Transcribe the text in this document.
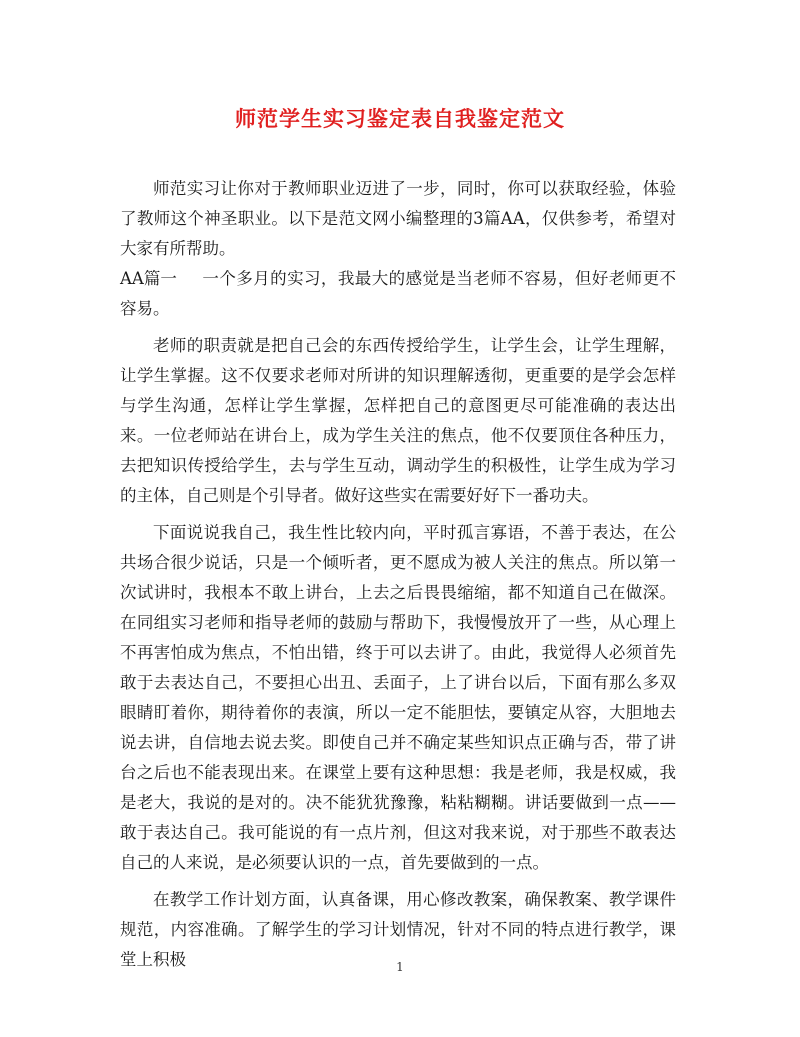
师范学生实习鉴定表自我鉴定范文

师范实习让你对于教师职业迈进了一步，同时，你可以获取经验，体验了教师这个神圣职业。以下是范文网小编整理的3篇AA，仅供参考，希望对大家有所帮助。

AA篇一 一个多月的实习，我最大的感觉是当老师不容易，但好老师更不容易。

老师的职责就是把自己会的东西传授给学生，让学生会，让学生理解，让学生掌握。这不仅要求老师对所讲的知识理解透彻，更重要的是学会怎样与学生沟通，怎样让学生掌握，怎样把自己的意图更尽可能准确的表达出来。一位老师站在讲台上，成为学生关注的焦点，他不仅要顶住各种压力，去把知识传授给学生，去与学生互动，调动学生的积极性，让学生成为学习的主体，自己则是个引导者。做好这些实在需要好好下一番功夫。

下面说说我自己，我生性比较内向，平时孤言寡语，不善于表达，在公共场合很少说话，只是一个倾听者，更不愿成为被人关注的焦点。所以第一次试讲时，我根本不敢上讲台，上去之后畏畏缩缩，都不知道自己在做深。在同组实习老师和指导老师的鼓励与帮助下，我慢慢放开了一些，从心理上不再害怕成为焦点，不怕出错，终于可以去讲了。由此，我觉得人必须首先敢于去表达自己，不要担心出丑、丢面子，上了讲台以后，下面有那么多双眼睛盯着你，期待着你的表演，所以一定不能胆怯，要镇定从容，大胆地去说去讲，自信地去说去奖。即使自己并不确定某些知识点正确与否，带了讲台之后也不能表现出来。在课堂上要有这种思想：我是老师，我是权威，我是老大，我说的是对的。决不能犹犹豫豫，粘粘糊糊。讲话要做到一点——敢于表达自己。我可能说的有一点片剂，但这对我来说，对于那些不敢表达自己的人来说，是必须要认识的一点，首先要做到的一点。

在教学工作计划方面，认真备课，用心修改教案，确保教案、教学课件规范，内容准确。了解学生的学习计划情况，针对不同的特点进行教学，课堂上积极	1
